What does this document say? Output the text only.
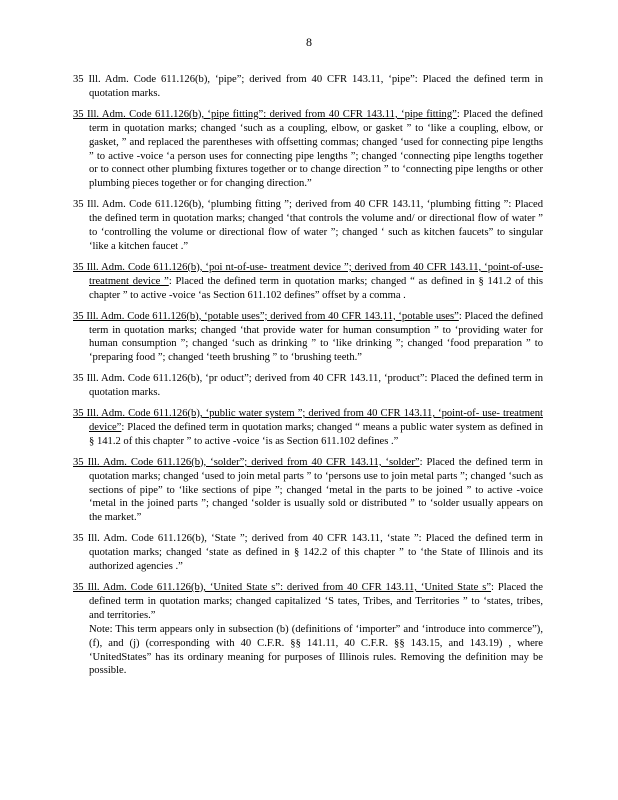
8

35 Ill. Adm. Code 611.126(b), ‘pipe”; derived from 40 CFR 143.11, ‘pipe”: Placed the defined term in quotation marks.

35 Ill. Adm. Code 611.126(b), ‘pipe fitting”: derived from 40 CFR 143.11, ‘pipe fitting”: Placed the defined term in quotation marks; changed ‘such as a coupling, elbow, or gasket ” to ‘like a coupling, elbow, or gasket, ” and replaced the parentheses with offsetting commas; changed ‘used for connecting pipe lengths ” to active -voice ‘a person uses for connecting pipe lengths ”; changed ‘connecting pipe lengths together or to connect other plumbing fixtures together or to change direction ” to ‘connecting pipe lengths or other plumbing pieces together or for changing direction.”

35 Ill. Adm. Code 611.126(b), ‘plumbing fitting ”; derived from 40 CFR 143.11, ‘plumbing fitting ”: Placed the defined term in quotation marks; changed ‘that controls the volume and/ or directional flow of water ” to ‘controlling the volume or directional flow of water ”; changed ‘ such as kitchen faucets” to singular ‘like a kitchen faucet .”

35 Ill. Adm. Code 611.126(b), ‘poi nt-of-use- treatment device ”; derived from 40 CFR 143.11, ‘point-of-use- treatment device ”: Placed the defined term in quotation marks; changed “ as defined in § 141.2 of this chapter ” to active -voice ‘as Section 611.102 defines” offset by a comma .

35 Ill. Adm. Code 611.126(b), ‘potable uses”; derived from 40 CFR 143.11, ‘potable uses”: Placed the defined term in quotation marks; changed ‘that provide water for human consumption ” to ‘providing water for human consumption ”; changed ‘such as drinking ” to ‘like drinking ”; changed ‘food preparation ” to ‘preparing food ”; changed ‘teeth brushing ” to ‘brushing teeth.”

35 Ill. Adm. Code 611.126(b), ‘pr oduct”; derived from 40 CFR 143.11, ‘product”: Placed the defined term in quotation marks.

35 Ill. Adm. Code 611.126(b), ‘public water system ”; derived from 40 CFR 143.11, ‘point-of- use- treatment device”: Placed the defined term in quotation marks; changed “ means a public water system as defined in § 141.2 of this chapter ” to active -voice ‘is as Section 611.102 defines .”

35 Ill. Adm. Code 611.126(b), ‘solder”; derived from 40 CFR 143.11, ‘solder”: Placed the defined term in quotation marks; changed ‘used to join metal parts ” to ‘persons use to join metal parts ”; changed ‘such as sections of pipe” to ‘like sections of pipe ”; changed ‘metal in the parts to be joined ” to active -voice ‘metal in the joined parts ”; changed ‘solder is usually sold or distributed ” to ‘solder usually appears on the market.”

35 Ill. Adm. Code 611.126(b), ‘State ”; derived from 40 CFR 143.11, ‘state ”: Placed the defined term in quotation marks; changed ‘state as defined in § 142.2 of this chapter ” to ‘the State of Illinois and its authorized agencies .”

35 Ill. Adm. Code 611.126(b), ‘United State s”: derived from 40 CFR 143.11, ‘United State s”: Placed the defined term in quotation marks; changed capitalized ‘S tates, Tribes, and Territories ” to ‘states, tribes, and territories.”
Note: This term appears only in subsection (b) (definitions of ‘importer” and ‘introduce into commerce”), (f), and (j) (corresponding with 40 C.F.R. §§ 141.11, 40 C.F.R. §§ 143.15, and 143.19) , where ‘UnitedStates” has its ordinary meaning for purposes of Illinois rules. Removing the definition may be possible.
